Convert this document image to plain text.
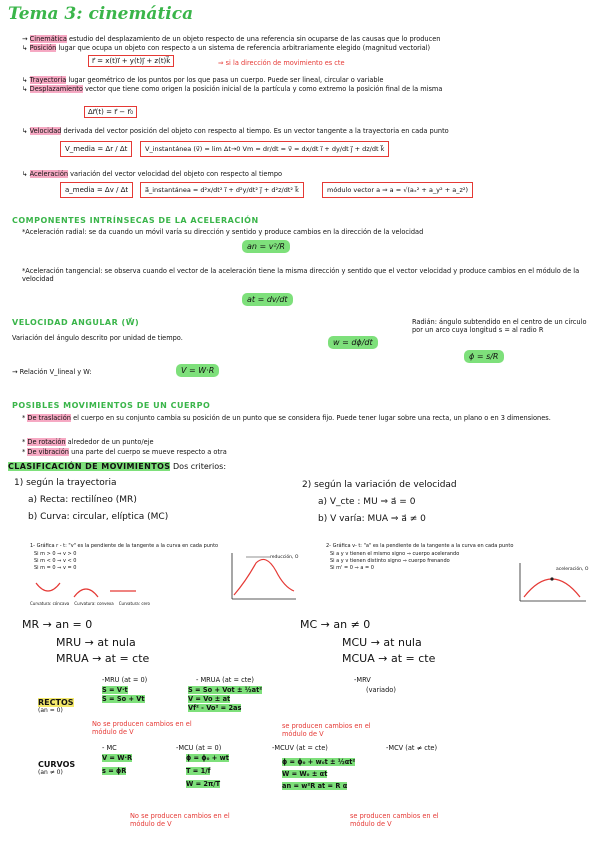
Tema 3: cinemática
→ Cinemática estudio del desplazamiento de un objeto respecto de una referencia sin ocuparse de las causas que lo producen
↳ Posición lugar que ocupa un objeto con respecto a un sistema de referencia arbitrariamente elegido (magnitud vectorial)
r⃗ = x(t)i⃗ + y(t)j⃗ + z(t)k⃗	⇒ si la dirección de movimiento es cte
↳ Trayectoria lugar geométrico de los puntos por los que pasa un cuerpo. Puede ser lineal, circular o variable
↳ Desplazamiento vector que tiene como origen la posición inicial de la partícula y como extremo la posición final de la misma
Δr⃗(t) = r⃗ − r⃗₀
↳ Velocidad derivada del vector posición del objeto con respecto al tiempo. Es un vector tangente a la trayectoria en cada punto
V_media = Δr / Δt	V_instantánea (v⃗) = lim Δt→0 Vm = dr/dt = v⃗ = dx/dt i⃗ + dy/dt j⃗ + dz/dt k⃗
↳ Aceleración variación del vector velocidad del objeto con respecto al tiempo
a_media = Δv / Δt	a⃗_instantánea = d²x/dt² i⃗ + d²y/dt² j⃗ + d²z/dt² k⃗	módulo vector a ⇒ a = √(aₓ² + a_y² + a_z²)
COMPONENTES INTRÍNSECAS DE LA ACELERACIÓN
*Aceleración radial: se da cuando un móvil varía su dirección y sentido y produce cambios en la dirección de la velocidad
an = v²/R
*Aceleración tangencial: se observa cuando el vector de la aceleración tiene la misma dirección y sentido que el vector velocidad y produce cambios en el módulo de la velocidad
at = dv/dt
VELOCIDAD ANGULAR (W⃗)
Variación del ángulo descrito por unidad de tiempo.	w = dϕ/dt
Radián: ángulo subtendido en el centro de un círculo por un arco cuya longitud s = al radio R
ϕ = s/R
→ Relación V_lineal y W:	V = W·R
POSIBLES MOVIMIENTOS DE UN CUERPO
* De traslación el cuerpo en su conjunto cambia su posición de un punto que se considera fijo. Puede tener lugar sobre una recta, un plano o en 3 dimensiones.
* De rotación alrededor de un punto/eje
* De vibración una parte del cuerpo se mueve respecto a otra
CLASIFICACIÓN DE MOVIMIENTOS Dos criterios:
1) según la trayectoria
a) Recta: rectilíneo (MR)
b) Curva: circular, elíptica (MC)
2) según la variación de velocidad
a) V_cte : MU ⇒ a⃗ = 0
b) V varía: MUA ⇒ a⃗ ≠ 0
1- Gráfica r - t: "v" es la pendiente de la tangente a la curva en cada punto
Si m > 0 ⇒ v > 0
Si m < 0 ⇒ v < 0
Si m = 0 ⇒ v = 0
Curvatura: cóncava Curvatura: convexa Curvatura: cero
reducción, O
2- Gráfica v- t: "a" es la pendiente de la tangente a la curva en cada punto
Si a y v tienen el mismo signo ⇒ cuerpo acelerando
Si a y v tienen distinto signo ⇒ cuerpo frenando
Si m' = 0 ⇒ a = 0	aceleración, O
MR → an = 0
MRU → at nula
MRUA → at = cte
MC → an ≠ 0
MCU → at nula
MCUA → at = cte
RECTOS
(an = 0)
-MRU (at = 0)
S = V·t
S = So + Vt
- MRUA (at = cte)
S = So + Vot ± ½at²
V = Vo ± at
Vf² - Vo² = 2as
-MRV
(variado)
No se producen cambios en el módulo de V
se producen cambios en el módulo de V
CURVOS
(an ≠ 0)
- MC
V = W·R
s = ϕR
-MCU (at = 0)
ϕ = ϕ₀ + wt
T = 1/f
W = 2π/T
-MCUV (at = cte)
ϕ = ϕ₀ + w₀t ± ½αt²
W = W₀ ± αt
an = w²R at = R α
-MCV (at ≠ cte)
No se producen cambios en el módulo de V
se producen cambios en el módulo de V
